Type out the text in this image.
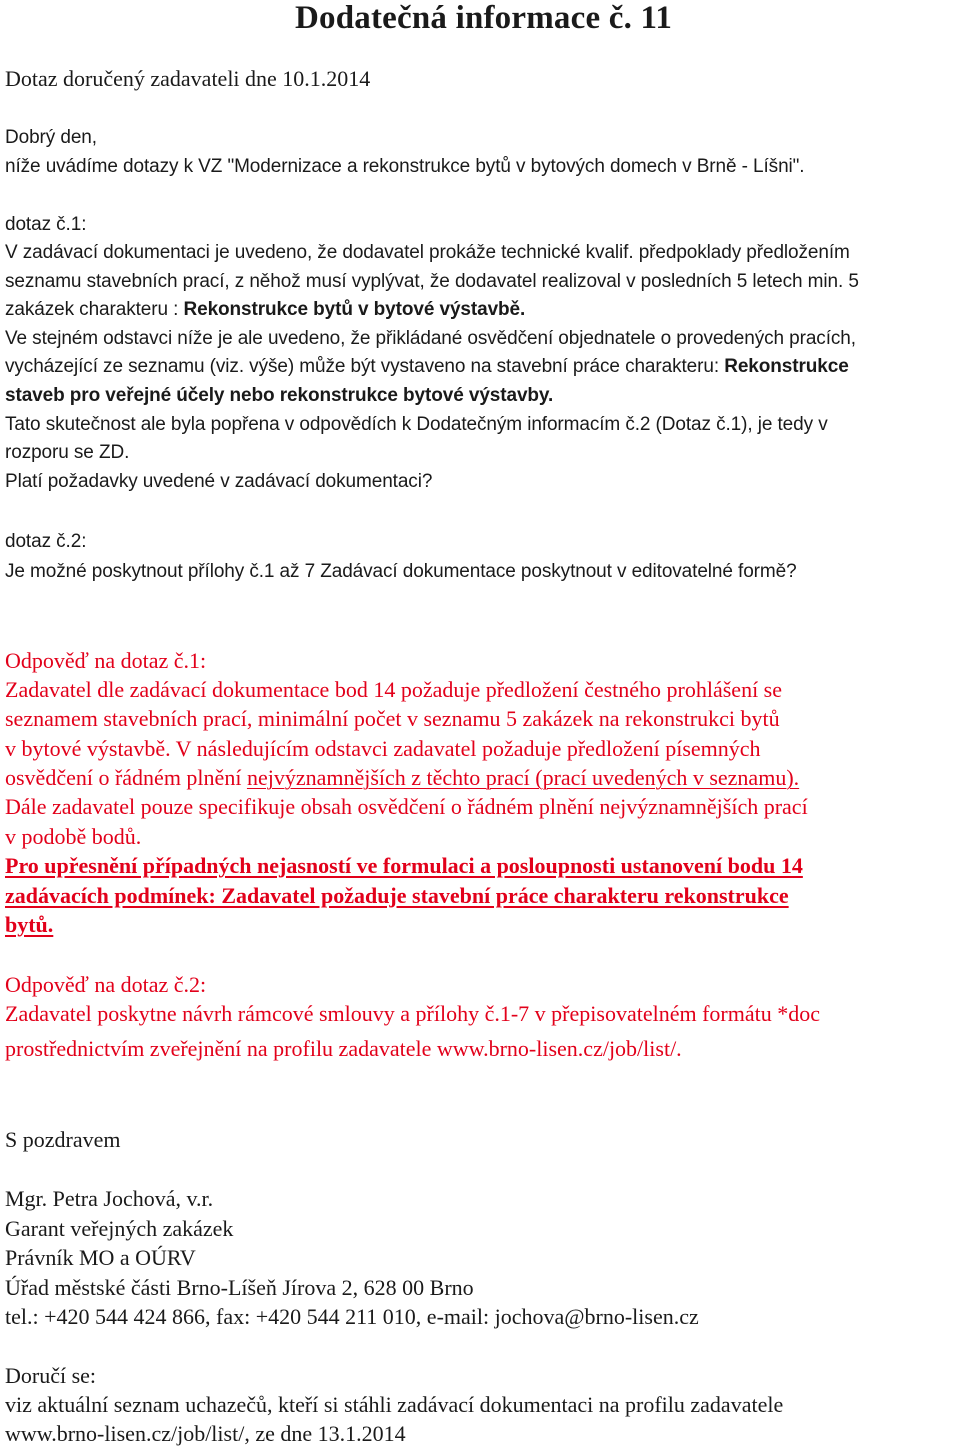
Dodatečná informace č. 11
Dotaz doručený zadavateli dne 10.1.2014
Dobrý den,
níže uvádíme dotazy k VZ "Modernizace a rekonstrukce bytů v bytových domech v Brně - Líšni".
dotaz č.1:
V zadávací dokumentaci je uvedeno, že dodavatel prokáže technické kvalif. předpoklady předložením
seznamu stavebních prací, z něhož musí vyplývat, že dodavatel realizoval v posledních 5 letech min. 5
zakázek charakteru : Rekonstrukce bytů v bytové výstavbě.
Ve stejném odstavci níže je ale uvedeno, že přikládané osvědčení objednatele o provedených pracích,
vycházející ze seznamu (viz. výše) může být vystaveno na stavební práce charakteru: Rekonstrukce
staveb pro veřejné účely nebo rekonstrukce bytové výstavby.
Tato skutečnost ale byla popřena v odpovědích k Dodatečným informacím č.2 (Dotaz č.1), je tedy v
rozporu se ZD.
Platí požadavky uvedené v zadávací dokumentaci?
dotaz č.2:
Je možné poskytnout přílohy č.1 až 7 Zadávací dokumentace poskytnout v editovatelné formě?
Odpověď na dotaz č.1:
Zadavatel dle zadávací dokumentace bod 14 požaduje předložení čestného prohlášení se
seznamem stavebních prací, minimální počet v seznamu 5 zakázek na rekonstrukci bytů
v bytové výstavbě. V následujícím odstavci zadavatel požaduje předložení písemných
osvědčení o řádném plnění nejvýznamnějších z těchto prací (prací uvedených v seznamu).
Dále zadavatel pouze specifikuje obsah osvědčení o řádném plnění nejvýznamnějších prací
v podobě bodů.
Pro upřesnění případných nejasností ve formulaci a posloupnosti ustanovení bodu 14
zadávacích podmínek: Zadavatel požaduje stavební práce charakteru rekonstrukce
bytů.
Odpověď na dotaz č.2:
Zadavatel poskytne návrh rámcové smlouvy a přílohy č.1-7 v přepisovatelném formátu *doc
prostřednictvím zveřejnění na profilu zadavatele www.brno-lisen.cz/job/list/.
S pozdravem
Mgr. Petra Jochová, v.r.
Garant veřejných zakázek
Právník MO a OÚRV
Úřad městské části Brno-Líšeň Jírova 2, 628 00 Brno
tel.: +420 544 424 866, fax: +420 544 211 010, e-mail: jochova@brno-lisen.cz
Doručí se:
viz aktuální seznam uchazečů, kteří si stáhli zadávací dokumentaci na profilu zadavatele
www.brno-lisen.cz/job/list/, ze dne 13.1.2014
